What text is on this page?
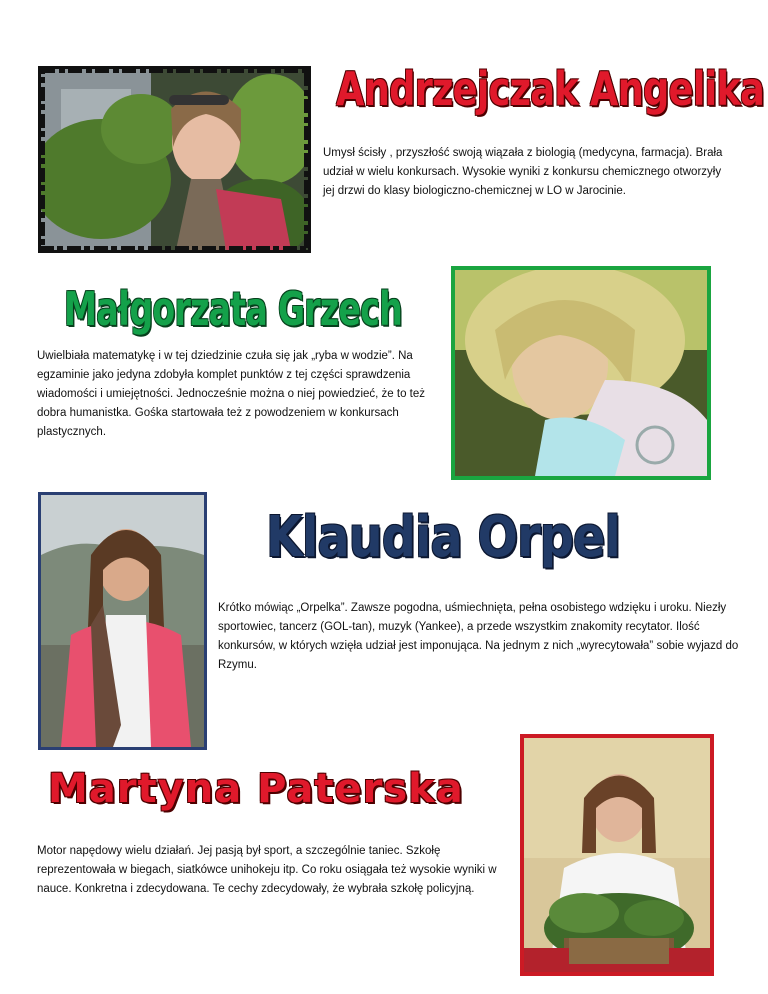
Andrzejczak Angelika

Umysł ścisły , przyszłość swoją wiązała z biologią (medycyna, farmacja). Brała udział w wielu konkursach. Wysokie wyniki z konkursu chemicznego otworzyły jej drzwi do klasy biologiczno-chemicznej w LO w Jarocinie.

Małgorzata Grzech

Uwielbiała matematykę i w tej dziedzinie czuła się jak „ryba w wodzie”. Na egzaminie jako jedyna zdobyła komplet punktów z tej części sprawdzenia wiadomości i umiejętności. Jednocześnie można o niej powiedzieć, że to też dobra humanistka. Gośka startowała też z powodzeniem w konkursach plastycznych.

Klaudia Orpel

Krótko mówiąc „Orpelka”. Zawsze pogodna, uśmiechnięta, pełna osobistego wdzięku i uroku. Niezły sportowiec, tancerz (GOL-tan), muzyk (Yankee), a przede wszystkim znakomity recytator. Ilość konkursów, w których wzięła udział jest imponująca. Na jednym z nich „wyrecytowała” sobie wyjazd do Rzymu.

Martyna Paterska

Motor napędowy wielu działań. Jej pasją był sport, a szczególnie taniec. Szkołę reprezentowała w biegach, siatkówce unihokeju itp. Co roku osiągała też wysokie wyniki w nauce. Konkretna i zdecydowana. Te cechy zdecydowały, że wybrała szkołę policyjną.
